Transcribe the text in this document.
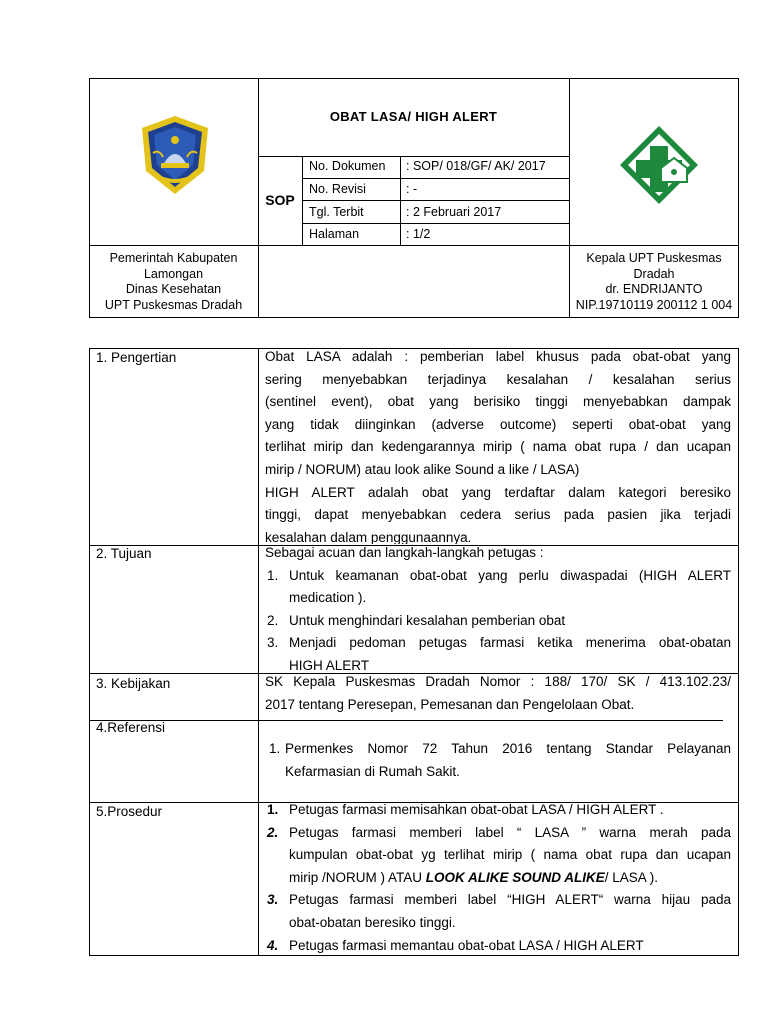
OBAT LASA/ HIGH ALERT
SOP
No. Dokumen : SOP/ 018/GF/ AK/ 2017
No. Revisi	: -
Tgl. Terbit	: 2 Februari 2017
Halaman	: 1/2
Pemerintah Kabupaten
Lamongan
Dinas Kesehatan
UPT Puskesmas Dradah
Kepala UPT Puskesmas
Dradah
dr. ENDRIJANTO
NIP.19710119 200112 1 004
1. Pengertian	Obat LASA adalah : pemberian label khusus pada obat-obat yang
sering menyebabkan terjadinya kesalahan / kesalahan serius
(sentinel event), obat yang berisiko tinggi menyebabkan dampak
yang tidak diinginkan (adverse outcome) seperti obat-obat yang
terlihat mirip dan kedengarannya mirip ( nama obat rupa / dan ucapan
mirip / NORUM) atau look alike Sound a like / LASA)
HIGH ALERT adalah obat yang terdaftar dalam kategori beresiko
tinggi, dapat menyebabkan cedera serius pada pasien jika terjadi
kesalahan dalam penggunaannya.
2. Tujuan	Sebagai acuan dan langkah-langkah petugas :
1. Untuk keamanan obat-obat yang perlu diwaspadai (HIGH ALERT
medication ).
2. Untuk menghindari kesalahan pemberian obat
3. Menjadi pedoman petugas farmasi ketika menerima obat-obatan
HIGH ALERT
3. Kebijakan	SK Kepala Puskesmas Dradah Nomor : 188/ 170/ SK / 413.102.23/
2017 tentang Peresepan, Pemesanan dan Pengelolaan Obat.
4.Referensi
1. Permenkes Nomor 72 Tahun 2016 tentang Standar Pelayanan
Kefarmasian di Rumah Sakit.
5.Prosedur	1. Petugas farmasi memisahkan obat-obat LASA / HIGH ALERT .
2. Petugas farmasi memberi label “ LASA ” warna merah pada
kumpulan obat-obat yg terlihat mirip ( nama obat rupa dan ucapan
mirip /NORUM ) ATAU LOOK ALIKE SOUND ALIKE/ LASA ).
3. Petugas farmasi memberi label “HIGH ALERT“ warna hijau pada
obat-obatan beresiko tinggi.
4. Petugas farmasi memantau obat-obat LASA / HIGH ALERT
